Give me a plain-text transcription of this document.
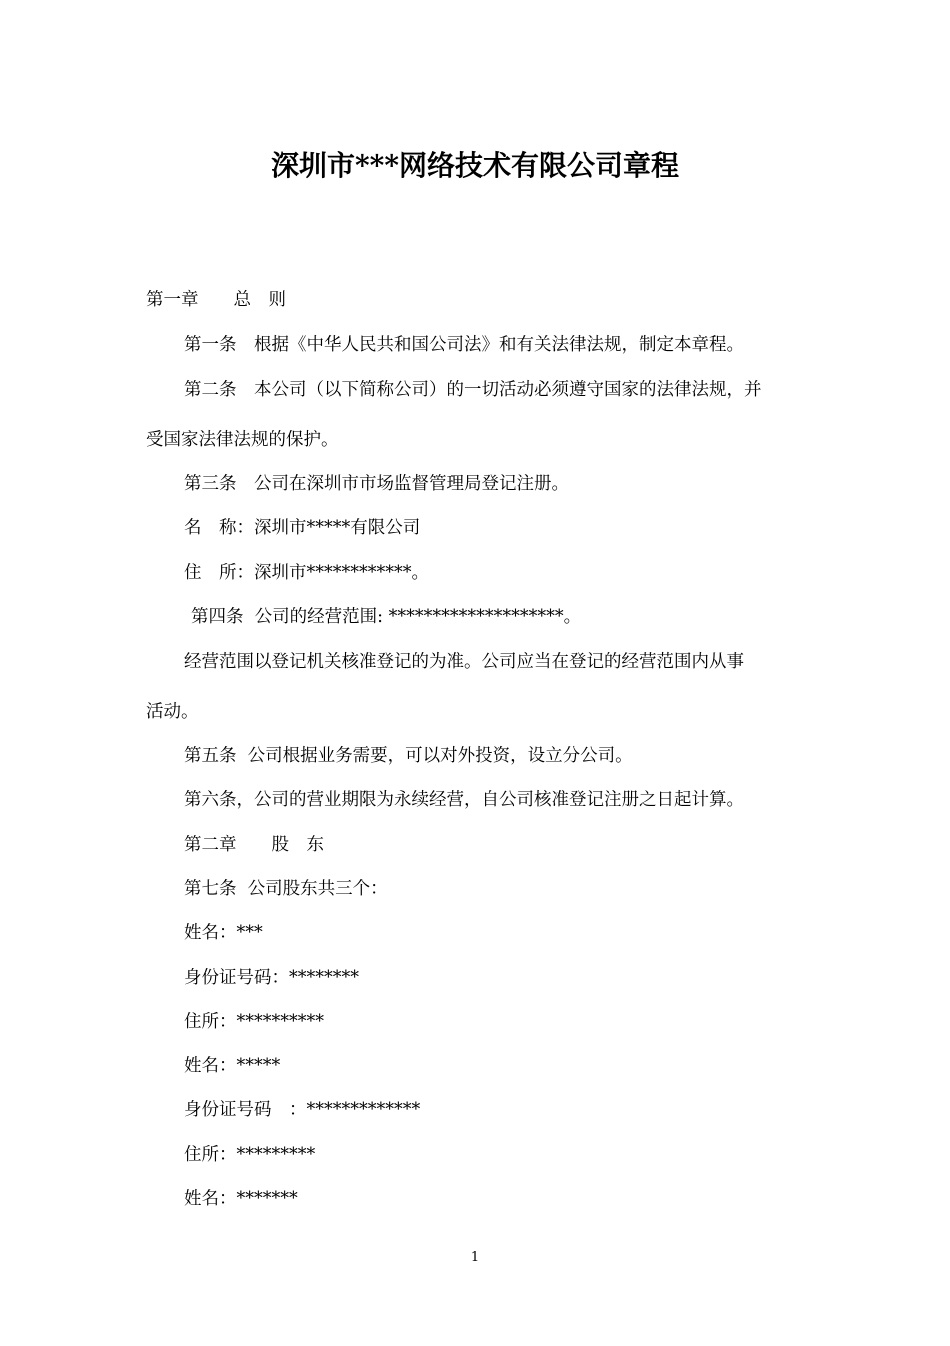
深圳市***网络技术有限公司章程
第一章　　总　则
第一条　根据《中华人民共和国公司法》和有关法律法规，制定本章程。
第二条　本公司（以下简称公司）的一切活动必须遵守国家的法律法规，并
受国家法律法规的保护。
第三条　公司在深圳市市场监督管理局登记注册。
名　称：深圳市*****有限公司
住　所：深圳市************。
第四条  公司的经营范围: ********************。
经营范围以登记机关核准登记的为准。公司应当在登记的经营范围内从事
活动。
第五条  公司根据业务需要，可以对外投资，设立分公司。
第六条，公司的营业期限为永续经营，自公司核准登记注册之日起计算。
第二章　　股　东
第七条  公司股东共三个：
姓名：***
身份证号码：********
住所：**********
姓名：*****
身份证号码　：*************
住所：*********
姓名：*******
1
